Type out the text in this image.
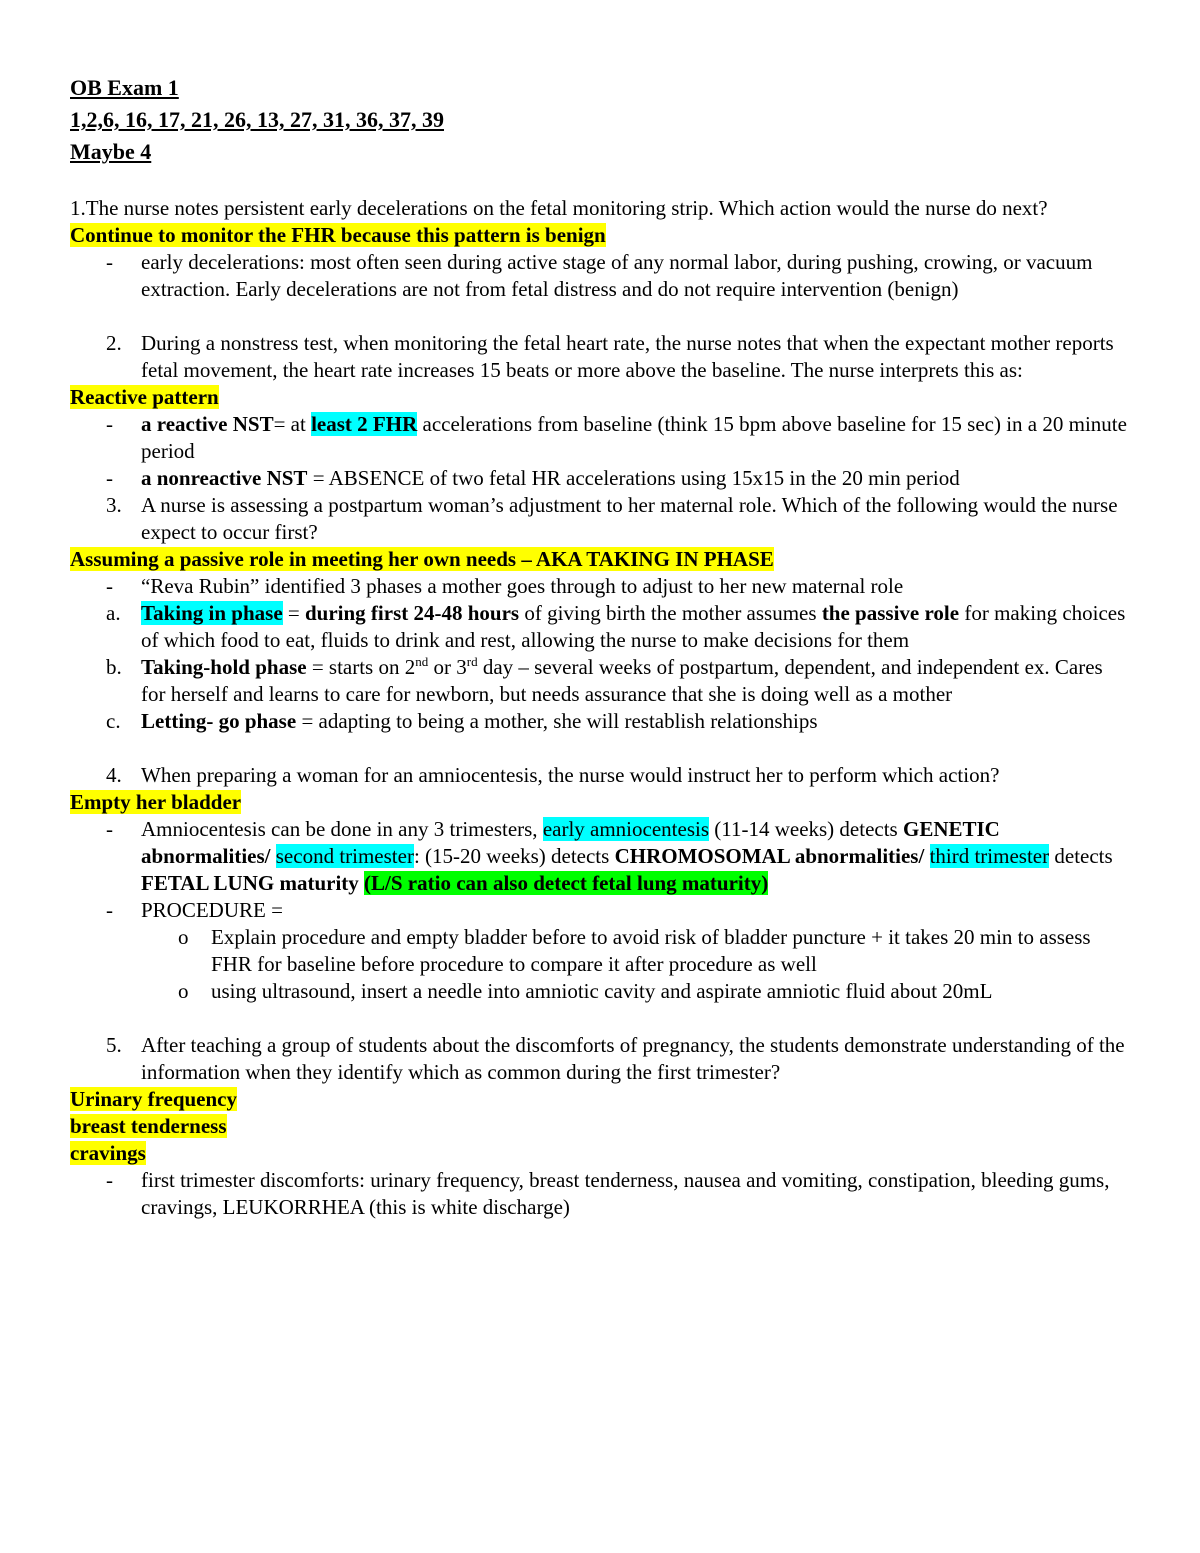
OB Exam 1
1,2,6, 16, 17, 21, 26, 13, 27, 31, 36, 37, 39
Maybe 4
1.The nurse notes persistent early decelerations on the fetal monitoring strip. Which action would the nurse do next?
Continue to monitor the FHR because this pattern is benign
- early decelerations: most often seen during active stage of any normal labor, during pushing, crowing, or vacuum extraction. Early decelerations are not from fetal distress and do not require intervention (benign)
2. During a nonstress test, when monitoring the fetal heart rate, the nurse notes that when the expectant mother reports fetal movement, the heart rate increases 15 beats or more above the baseline. The nurse interprets this as:
Reactive pattern
- a reactive NST= at least 2 FHR accelerations from baseline (think 15 bpm above baseline for 15 sec) in a 20 minute period
- a nonreactive NST = ABSENCE of two fetal HR accelerations using 15x15 in the 20 min period
3. A nurse is assessing a postpartum woman’s adjustment to her maternal role. Which of the following would the nurse expect to occur first?
Assuming a passive role in meeting her own needs – AKA TAKING IN PHASE
- “Reva Rubin” identified 3 phases a mother goes through to adjust to her new maternal role
a. Taking in phase = during first 24-48 hours of giving birth the mother assumes the passive role for making choices of which food to eat, fluids to drink and rest, allowing the nurse to make decisions for them
b. Taking-hold phase = starts on 2nd or 3rd day – several weeks of postpartum, dependent, and independent ex. Cares for herself and learns to care for newborn, but needs assurance that she is doing well as a mother
c. Letting- go phase = adapting to being a mother, she will restablish relationships
4. When preparing a woman for an amniocentesis, the nurse would instruct her to perform which action?
Empty her bladder
- Amniocentesis can be done in any 3 trimesters, early amniocentesis (11-14 weeks) detects GENETIC abnormalities/ second trimester: (15-20 weeks) detects CHROMOSOMAL abnormalities/ third trimester detects FETAL LUNG maturity (L/S ratio can also detect fetal lung maturity)
- PROCEDURE =
o Explain procedure and empty bladder before to avoid risk of bladder puncture + it takes 20 min to assess FHR for baseline before procedure to compare it after procedure as well
o using ultrasound, insert a needle into amniotic cavity and aspirate amniotic fluid about 20mL
5. After teaching a group of students about the discomforts of pregnancy, the students demonstrate understanding of the information when they identify which as common during the first trimester?
Urinary frequency
breast tenderness
cravings
- first trimester discomforts: urinary frequency, breast tenderness, nausea and vomiting, constipation, bleeding gums, cravings, LEUKORRHEA (this is white discharge)
